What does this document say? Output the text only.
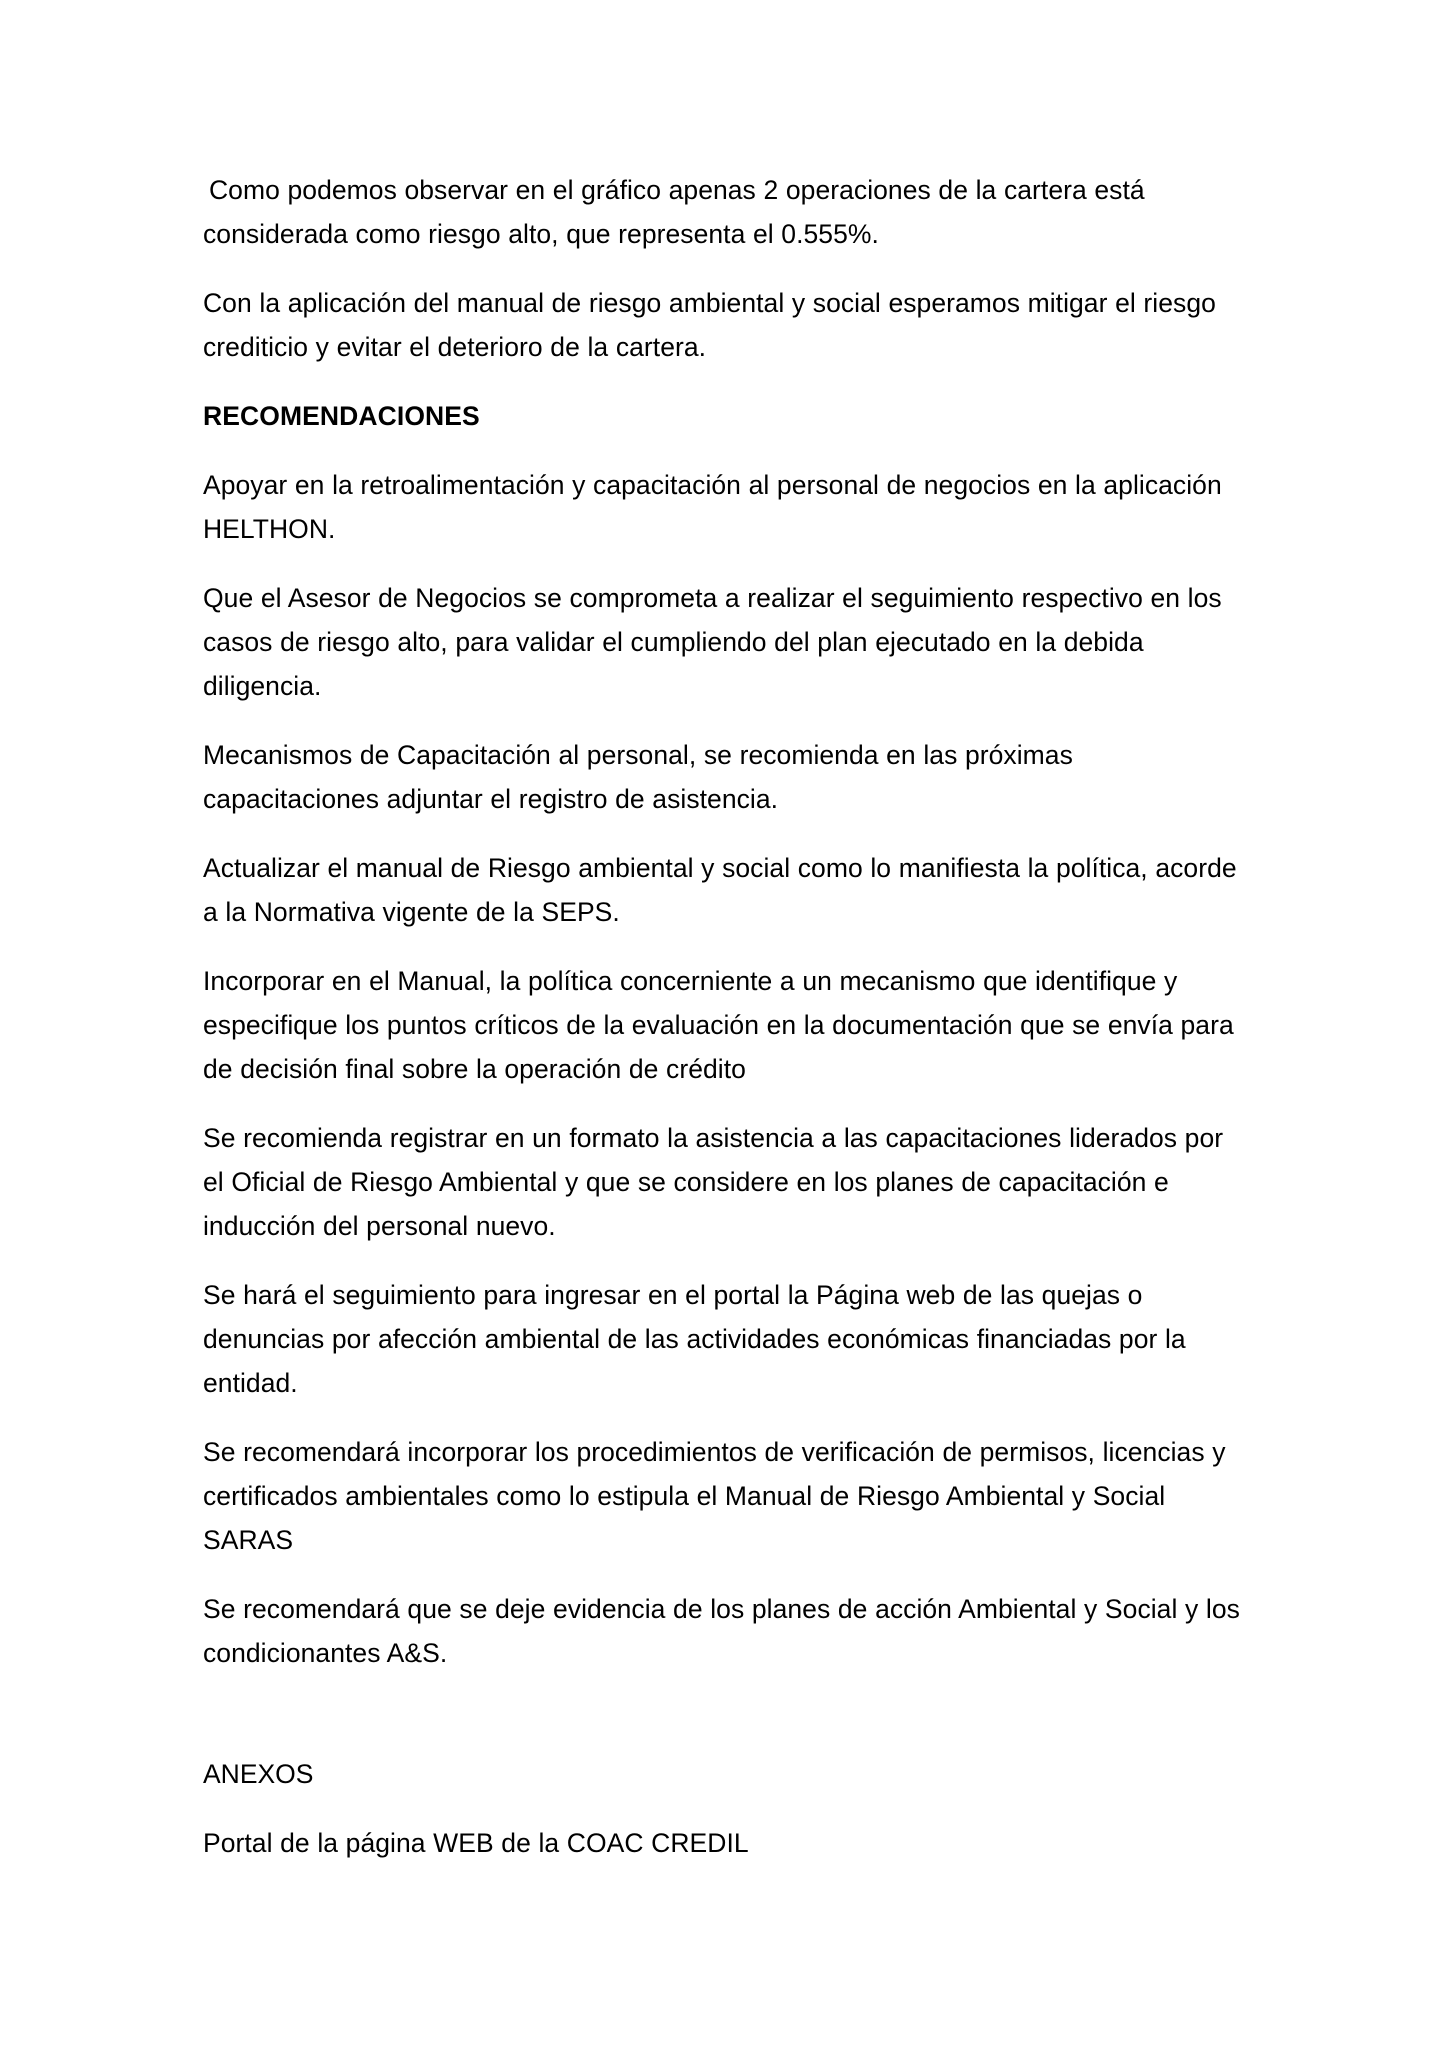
Como podemos observar en el gráfico apenas 2 operaciones de la cartera está considerada como riesgo alto, que representa el 0.555%.

Con la aplicación del manual de riesgo ambiental y social esperamos mitigar el riesgo crediticio y evitar el deterioro de la cartera.

RECOMENDACIONES

Apoyar en la retroalimentación y capacitación al personal de negocios en la aplicación HELTHON.

Que el Asesor de Negocios se comprometa a realizar el seguimiento respectivo en los casos de riesgo alto, para validar el cumpliendo del plan ejecutado en la debida diligencia.

Mecanismos de Capacitación al personal, se recomienda en las próximas capacitaciones adjuntar el registro de asistencia.

Actualizar el manual de Riesgo ambiental y social como lo manifiesta la política, acorde a la Normativa vigente de la SEPS.

Incorporar en el Manual, la política concerniente a un mecanismo que identifique y especifique los puntos críticos de la evaluación en la documentación que se envía para de decisión final sobre la operación de crédito

Se recomienda registrar en un formato la asistencia a las capacitaciones liderados por el Oficial de Riesgo Ambiental y que se considere en los planes de capacitación e inducción del personal nuevo.

Se hará el seguimiento para ingresar en el portal la Página web de las quejas o denuncias por afección ambiental de las actividades económicas financiadas por la entidad.

Se recomendará incorporar los procedimientos de verificación de permisos, licencias y certificados ambientales como lo estipula el Manual de Riesgo Ambiental y Social SARAS

Se recomendará que se deje evidencia de los planes de acción Ambiental y Social y los condicionantes A&S.

ANEXOS

Portal de la página WEB de la COAC CREDIL
